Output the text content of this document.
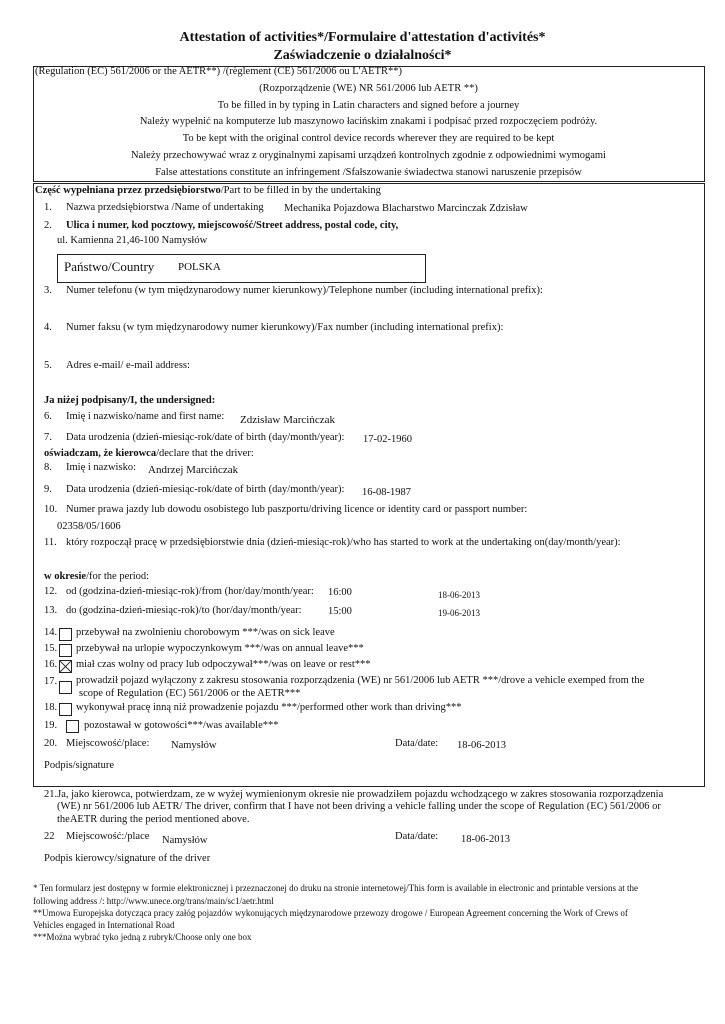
Attestation of activities*/Formulaire d'attestation d'activités*
Zaświadczenie o działalności*
(Regulation (EC) 561/2006 or the AETR**) /(règlement (CE) 561/2006 ou L'AETR**)
(Rozporządzenie (WE) NR 561/2006 lub AETR **)
To be filled in by typing in Latin characters and signed before a journey
Należy wypełnić na komputerze lub maszynowo łacińskim znakami i podpisać przed rozpoczęciem podróży.
To be kept with the original control device records wherever they are required to be kept
Należy przechowywać wraz z oryginalnymi zapisami urządzeń kontrolnych zgodnie z odpowiednimi wymogami
False attestations constitute an infringement /Sfałszowanie świadectwa stanowi naruszenie przepisów
Część wypełniana przez przedsiębiorstwo/Part to be filled in by the undertaking
1. Nazwa przedsiębiorstwa /Name of undertaking Mechanika Pojazdowa Blacharstwo Marcinczak Zdzisław
2. Ulica i numer, kod pocztowy, miejscowość/Street address, postal code, city,
ul. Kamienna 21,46-100 Namysłów
Państwo/Country POLSKA
3. Numer telefonu (w tym międzynarodowy numer kierunkowy)/Telephone number (including international prefix):
4. Numer faksu (w tym międzynarodowy numer kierunkowy)/Fax number (including international prefix):
5. Adres e-mail/ e-mail address:
Ja niżej podpisany/I, the undersigned:
6. Imię i nazwisko/name and first name: Zdzisław Marciṅczak
7. Data urodzenia (dzień-miesiąc-rok/date of birth (day/month/year): 17-02-1960
oświadczam, że kierowca/declare that the driver:
8. Imię i nazwisko: Andrzej Marciṅczak
9. Data urodzenia (dzień-miesiąc-rok/date of birth (day/month/year): 16-08-1987
10. Numer prawa jazdy lub dowodu osobistego lub paszportu/driving licence or identity card or passport number:
02358/05/1606
11. który rozpoczął pracę w przedsiębiorstwie dnia (dzień-miesiąc-rok)/who has started to work at the undertaking on(day/month/year):
w okresie/for the period:
12. od (godzina-dzień-miesiąc-rok)/from (hor/day/month/year: 16:00	18-06-2013
13. do (godzina-dzień-miesiąc-rok)/to (hor/day/month/year:	15:00	19-06-2013
14. przebywał na zwolnieniu chorobowym ***/was on sick leave
15. przebywał na urlopie wypoczynkowym ***/was on annual leave***
16. miał czas wolny od pracy lub odpoczywał***/was on leave or rest***
17. prowadził pojazd wyłączony z zakresu stosowania rozporządzenia (WE) nr 561/2006 lub AETR ***/drove a vehicle exemped from the
scope of Regulation (EC) 561/2006 or the AETR***
18. wykonywał pracę inną niż prowadzenie pojazdu ***/performed other work than driving***
19.	pozostawał w gotowości***/was available***
20. Miejscowość/place: Namysłów	Data/date: 18-06-2013
Podpis/signature
21.Ja, jako kierowca, potwierdzam, ze w wyżej wymienionym okresie nie prowadziłem pojazdu wchodzącego w zakres stosowania rozporządzenia
(WE) nr 561/2006 lub AETR/ The driver, confirm that I have not been driving a vehicle falling under the scope of Regulation (EC) 561/2006 or
theAETR during the period mentioned above.
22 Miejscowość:/place Namysłów	Data/date: 18-06-2013
Podpis kierowcy/signature of the driver
* Ten formularz jest dostępny w formie elektronicznej i przeznaczonej do druku na stronie internetowej/This form is available in electronic and printable versions at the
following address /: http://www.unece.org/trans/main/sc1/aetr.html
**Umowa Europejska dotycząca pracy załóg pojazdów wykonujących międzynarodowe przewozy drogowe / European Agreement concerning the Work of Crews of
Vehicles engaged in International Road
***Można wybrać tyko jedną z rubryk/Choose only one box
